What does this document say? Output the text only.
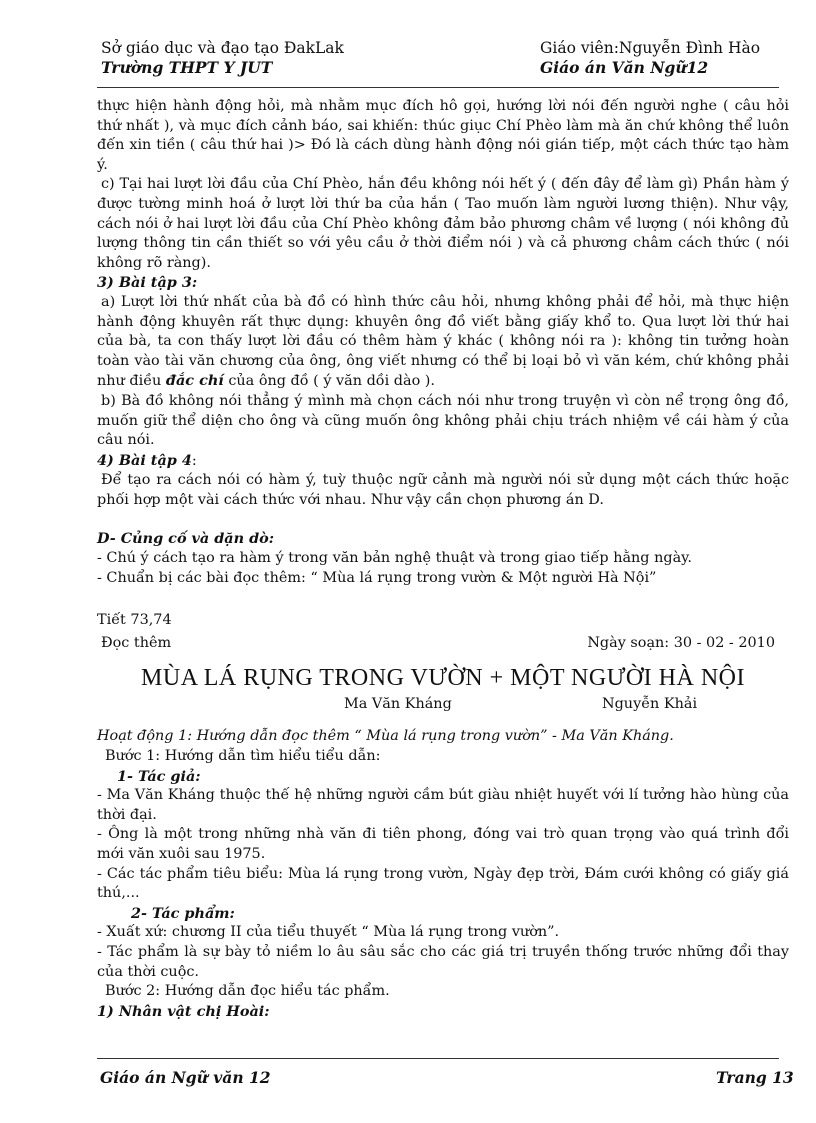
Sở giáo dục và đạo tạo ĐakLak
Trường THPT Y JUT
Giáo viên:Nguyễn Đình Hào
Giáo án Văn Ngữ12

thực hiện hành động hỏi, mà nhằm mục đích hô gọi, hướng lời nói đến người nghe ( câu hỏi thứ nhất ), và mục đích cảnh báo, sai khiến: thúc giục Chí Phèo làm mà ăn chứ không thể luôn đến xin tiền ( câu thứ hai )> Đó là cách dùng hành động nói gián tiếp, một cách thức tạo hàm ý.

c) Tại hai lượt lời đầu của Chí Phèo, hắn đều không nói hết ý ( đến đây để làm gì) Phần hàm ý được tường minh hoá ở lượt lời thứ ba của hắn ( Tao muốn làm người lương thiện). Như vậy, cách nói ở hai lượt lời đầu của Chí Phèo không đảm bảo phương châm về lượng ( nói không đủ lượng thông tin cần thiết so với yêu cầu ở thời điểm nói ) và cả phương châm cách thức ( nói không rõ ràng).

3) Bài tập 3:

a) Lượt lời thứ nhất của bà đồ có hình thức câu hỏi, nhưng không phải để hỏi, mà thực hiện hành động khuyên rất thực dụng: khuyên ông đồ viết bằng giấy khổ to. Qua lượt lời thứ hai của bà, ta con thấy lượt lời đầu có thêm hàm ý khác ( không nói ra ): không tin tưởng hoàn toàn vào tài văn chương của ông, ông viết nhưng có thể bị loại bỏ vì văn kém, chứ không phải như điều đắc chí của ông đồ ( ý văn dồi dào ).

b) Bà đồ không nói thẳng ý mình mà chọn cách nói như trong truyện vì còn nể trọng ông đồ, muốn giữ thể diện cho ông và cũng muốn ông không phải chịu trách nhiệm về cái hàm ý của câu nói.

4) Bài tập 4:

Để tạo ra cách nói có hàm ý, tuỳ thuộc ngữ cảnh mà người nói sử dụng một cách thức hoặc phối hợp một vài cách thức với nhau. Như vậy cần chọn phương án D.

D- Củng cố và dặn dò:

- Chú ý cách tạo ra hàm ý trong văn bản nghệ thuật và trong giao tiếp hằng ngày.

- Chuẩn bị các bài đọc thêm: “ Mùa lá rụng trong vườn & Một người Hà Nội”

Tiết 73,74

Đọc thêm	Ngày soạn: 30 - 02 - 2010
MÙA LÁ RỤNG TRONG VƯỜN + MỘT NGƯỜI HÀ NỘI
Ma Văn Kháng	Nguyễn Khải

Hoạt động 1: Hướng dẫn đọc thêm “ Mùa lá rụng trong vườn” - Ma Văn Kháng.

Bước 1: Hướng dẫn tìm hiểu tiểu dẫn:

1- Tác giả:

- Ma Văn Kháng thuộc thế hệ những người cầm bút giàu nhiệt huyết với lí tưởng hào hùng của thời đại.

- Ông là một trong những nhà văn đi tiên phong, đóng vai trò quan trọng vào quá trình đổi mới văn xuôi sau 1975.

- Các tác phẩm tiêu biểu: Mùa lá rụng trong vườn, Ngày đẹp trời, Đám cưới không có giấy giá thú,...

2- Tác phẩm:

- Xuất xứ: chương II của tiểu thuyết “ Mùa lá rụng trong vườn”.

- Tác phẩm là sự bày tỏ niềm lo âu sâu sắc cho các giá trị truyền thống trước những đổi thay của thời cuộc.

Bước 2: Hướng dẫn đọc hiểu tác phẩm.

1) Nhân vật chị Hoài:

Giáo án Ngữ văn 12	Trang 13
